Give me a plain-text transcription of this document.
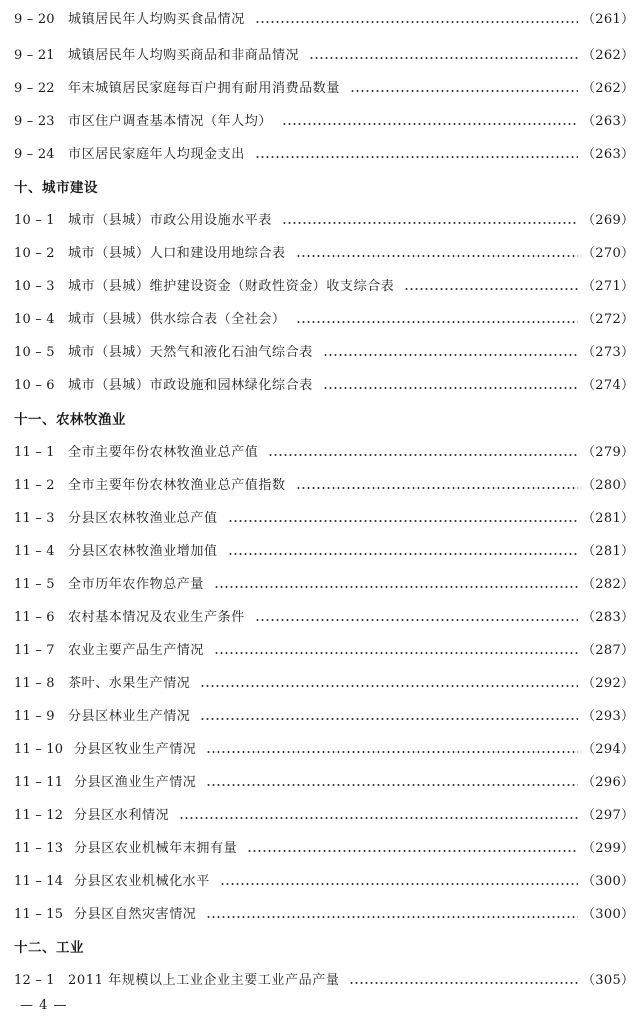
9 – 20	城镇居民年人均购买食品情况	（261）
9 – 21	城镇居民年人均购买商品和非商品情况	（262）
9 – 22	年末城镇居民家庭每百户拥有耐用消费品数量	（262）
9 – 23	市区住户调查基本情况（年人均）	（263）
9 – 24	市区居民家庭年人均现金支出	（263）
十、城市建设
10 – 1	城市（县城）市政公用设施水平表	（269）
10 – 2	城市（县城）人口和建设用地综合表	（270）
10 – 3	城市（县城）维护建设资金（财政性资金）收支综合表	（271）
10 – 4	城市（县城）供水综合表（全社会）	（272）
10 – 5	城市（县城）天然气和液化石油气综合表	（273）
10 – 6	城市（县城）市政设施和园林绿化综合表	（274）
十一、农林牧渔业
11 – 1	全市主要年份农林牧渔业总产值	（279）
11 – 2	全市主要年份农林牧渔业总产值指数	（280）
11 – 3	分县区农林牧渔业总产值	（281）
11 – 4	分县区农林牧渔业增加值	（281）
11 – 5	全市历年农作物总产量	（282）
11 – 6	农村基本情况及农业生产条件	（283）
11 – 7	农业主要产品生产情况	（287）
11 – 8	茶叶、水果生产情况	（292）
11 – 9	分县区林业生产情况	（293）
11 – 10 分县区牧业生产情况	（294）
11 – 11 分县区渔业生产情况	（296）
11 – 12 分县区水利情况	（297）
11 – 13 分县区农业机械年末拥有量	（299）
11 – 14 分县区农业机械化水平	（300）
11 – 15 分县区自然灾害情况	（300）
十二、工业
12 – 1	2011 年规模以上工业企业主要工业产品产量	（305）
— 4 —
